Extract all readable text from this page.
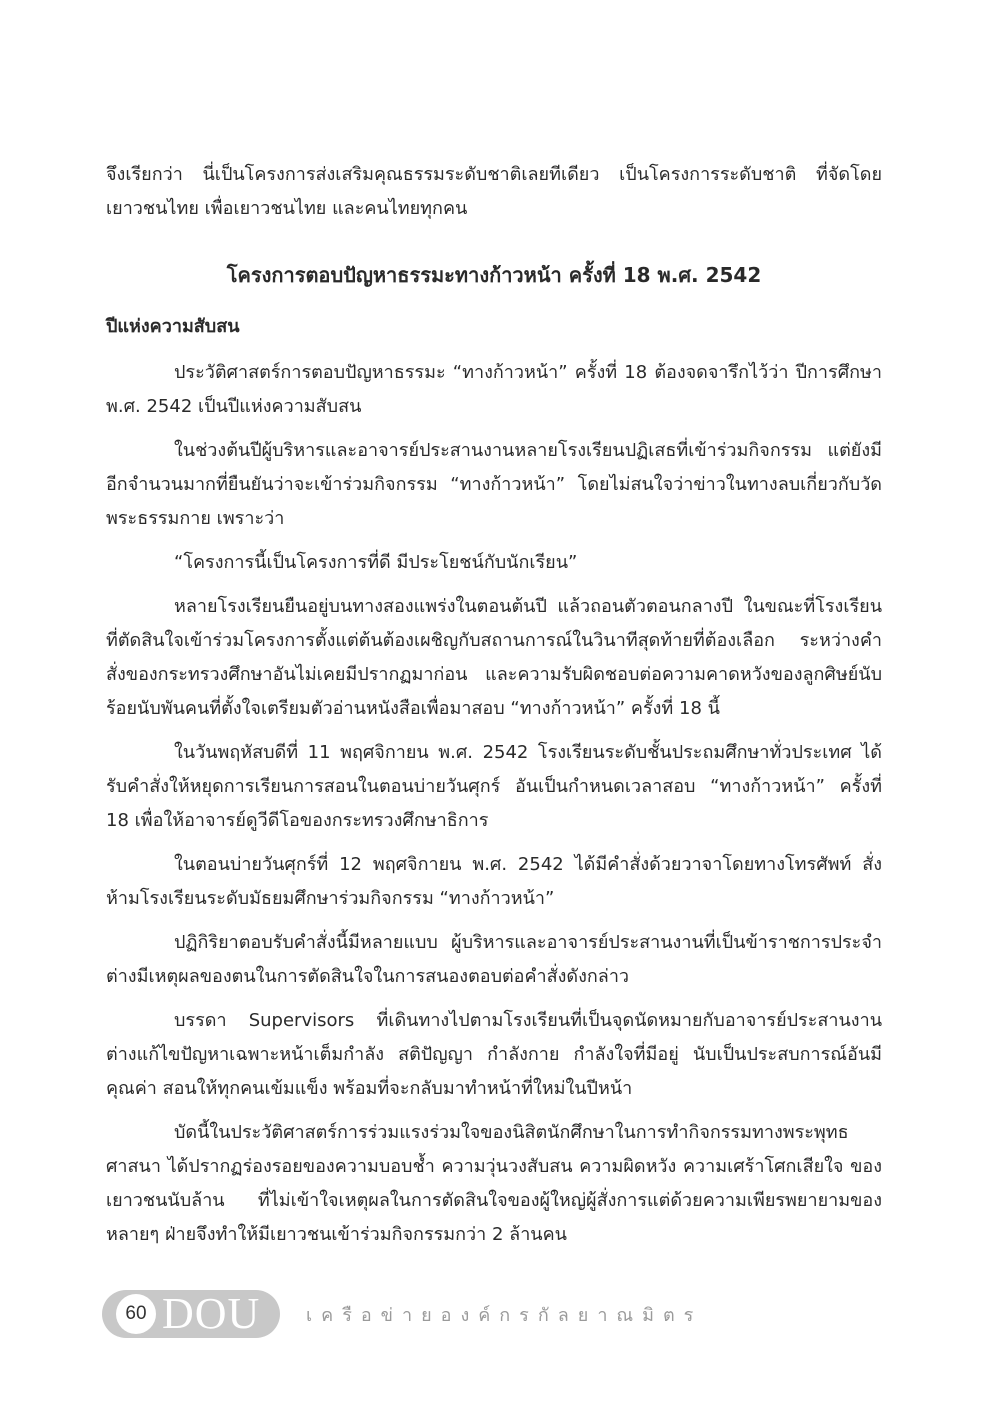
จึงเรียกว่า นี่เป็นโครงการส่งเสริมคุณธรรมระดับชาติเลยทีเดียว เป็นโครงการระดับชาติ ที่จัดโดยเยาวชนไทย เพื่อเยาวชนไทย และคนไทยทุกคน

โครงการตอบปัญหาธรรมะทางก้าวหน้า ครั้งที่ 18 พ.ศ. 2542
ปีแห่งความสับสน

ประวัติศาสตร์การตอบปัญหาธรรมะ “ทางก้าวหน้า” ครั้งที่ 18 ต้องจดจารึกไว้ว่า ปีการศึกษา พ.ศ. 2542 เป็นปีแห่งความสับสน

ในช่วงต้นปีผู้บริหารและอาจารย์ประสานงานหลายโรงเรียนปฏิเสธที่เข้าร่วมกิจกรรม แต่ยังมีอีกจำนวนมากที่ยืนยันว่าจะเข้าร่วมกิจกรรม “ทางก้าวหน้า” โดยไม่สนใจว่าข่าวในทางลบเกี่ยวกับวัดพระธรรมกาย เพราะว่า

“โครงการนี้เป็นโครงการที่ดี มีประโยชน์กับนักเรียน”

หลายโรงเรียนยืนอยู่บนทางสองแพร่งในตอนต้นปี แล้วถอนตัวตอนกลางปี ในขณะที่โรงเรียนที่ตัดสินใจเข้าร่วมโครงการตั้งแต่ต้นต้องเผชิญกับสถานการณ์ในวินาทีสุดท้ายที่ต้องเลือก ระหว่างคำสั่งของกระทรวงศึกษาอันไม่เคยมีปรากฏมาก่อน และความรับผิดชอบต่อความคาดหวังของลูกศิษย์นับร้อยนับพันคนที่ตั้งใจเตรียมตัวอ่านหนังสือเพื่อมาสอบ “ทางก้าวหน้า” ครั้งที่ 18 นี้

ในวันพฤหัสบดีที่ 11 พฤศจิกายน พ.ศ. 2542 โรงเรียนระดับชั้นประถมศึกษาทั่วประเทศ ได้รับคำสั่งให้หยุดการเรียนการสอนในตอนบ่ายวันศุกร์ อันเป็นกำหนดเวลาสอบ “ทางก้าวหน้า” ครั้งที่ 18 เพื่อให้อาจารย์ดูวีดีโอของกระทรวงศึกษาธิการ

ในตอนบ่ายวันศุกร์ที่ 12 พฤศจิกายน พ.ศ. 2542 ได้มีคำสั่งด้วยวาจาโดยทางโทรศัพท์ สั่งห้ามโรงเรียนระดับมัธยมศึกษาร่วมกิจกรรม “ทางก้าวหน้า”

ปฏิกิริยาตอบรับคำสั่งนี้มีหลายแบบ ผู้บริหารและอาจารย์ประสานงานที่เป็นข้าราชการประจำต่างมีเหตุผลของตนในการตัดสินใจในการสนองตอบต่อคำสั่งดังกล่าว

บรรดา Supervisors ที่เดินทางไปตามโรงเรียนที่เป็นจุดนัดหมายกับอาจารย์ประสานงาน ต่างแก้ไขปัญหาเฉพาะหน้าเต็มกำลัง สติปัญญา กำลังกาย กำลังใจที่มีอยู่ นับเป็นประสบการณ์อันมีคุณค่า สอนให้ทุกคนเข้มแข็ง พร้อมที่จะกลับมาทำหน้าที่ใหม่ในปีหน้า

บัดนี้ในประวัติศาสตร์การร่วมแรงร่วมใจของนิสิตนักศึกษาในการทำกิจกรรมทางพระพุทธศาสนา ได้ปรากฏร่องรอยของความบอบช้ำ ความวุ่นวงสับสน ความผิดหวัง ความเศร้าโศกเสียใจ ของเยาวชนนับล้าน ที่ไม่เข้าใจเหตุผลในการตัดสินใจของผู้ใหญ่ผู้สั่งการแต่ด้วยความเพียรพยายามของหลายๆ ฝ่ายจึงทำให้มีเยาวชนเข้าร่วมกิจกรรมกว่า 2 ล้านคน

60 DOU	เครือข่ายองค์กรกัลยาณมิตร
